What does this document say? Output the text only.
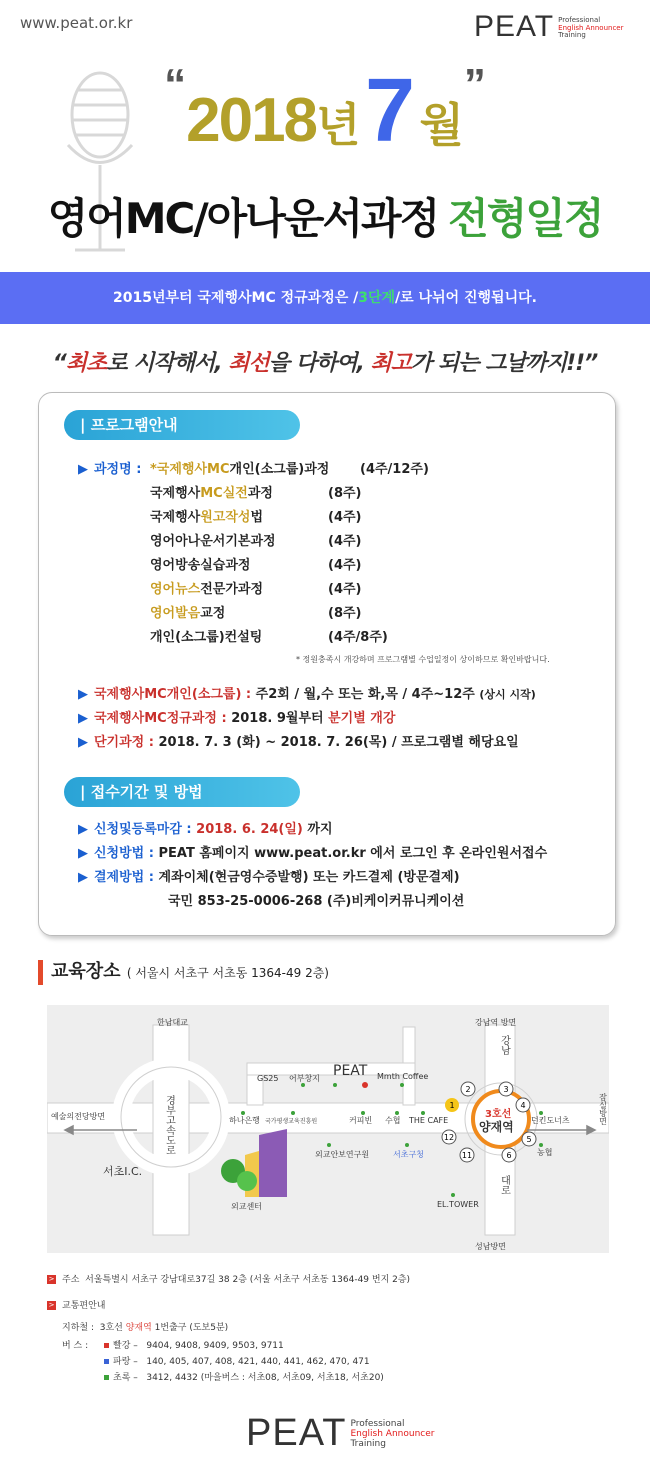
www.peat.or.kr	PEAT Professional
English Announcer
Training
“2018년 7 월”
영어MC/아나운서과정 전형일정
2015년부터 국제행사MC 정규과정은 /3단계/로 나뉘어 진행됩니다.
“최초로 시작해서, 최선을 다하여, 최고가 되는 그날까지!!”
| 프로그램안내
▶ 과정명 : *국제행사MC개인(소그룹)과정 (4주/12주)
국제행사MC실전과정	(8주)
국제행사원고작성법	(4주)
영어아나운서기본과정	(4주)
영어방송실습과정	(4주)
영어뉴스전문가과정	(4주)
영어발음교정	(8주)
개인(소그룹)컨설팅	(4주/8주)
* 정원충족시 개강하며 프로그램별 수업일정이 상이하므로 확인바랍니다.
▶ 국제행사MC개인(소그룹) : 주2회 / 월,수 또는 화,목 / 4주~12주 (상시 시작)
▶ 국제행사MC정규과정 : 2018. 9월부터 분기별 개강
▶ 단기과정 : 2018. 7. 3 (화) ~ 2018. 7. 26(목) / 프로그램별 해당요일
| 접수기간 및 방법
▶ 신청및등록마감 : 2018. 6. 24(일) 까지
▶ 신청방법 : PEAT 홈페이지 www.peat.or.kr 에서 로그인 후 온라인원서접수
▶ 결제방법 : 계좌이체(현금영수증발행) 또는 카드결제 (방문결제)
국민 853-25-0006-268 (주)비케이커뮤니케이션
교육장소 ( 서울시 서초구 서초동 1364-49 2층)
한남대교	강남역 방면
예술의전당방면
성남방면
GS25 어부창지	Mmth Coffee
하나은행 국가평생교육진흥원	커피빈 수협 THE CAFE	던킨도너츠
농협
외교안보연구원	서초구청
EL.TOWER
외교센터
서초I.C.
경부고속도로
강남
대로
잠실방면
PEAT
3호선
양재역
1
2	3
4
5
6
11
12
> 주소 서울특별시 서초구 강남대로37길 38 2층 (서울 서초구 서초동 1364-49 번지 2층)
> 교통편안내
지하철 : 3호선 양재역 1번출구 (도보5분)
버 스 :	빨강 –   9404, 9408, 9409, 9503, 9711
파랑 –   140, 405, 407, 408, 421, 440, 441, 462, 470, 471
초록 –   3412, 4432 (마을버스 : 서초08, 서초09, 서초18, 서초20)
PEAT Professional
English Announcer
Training
